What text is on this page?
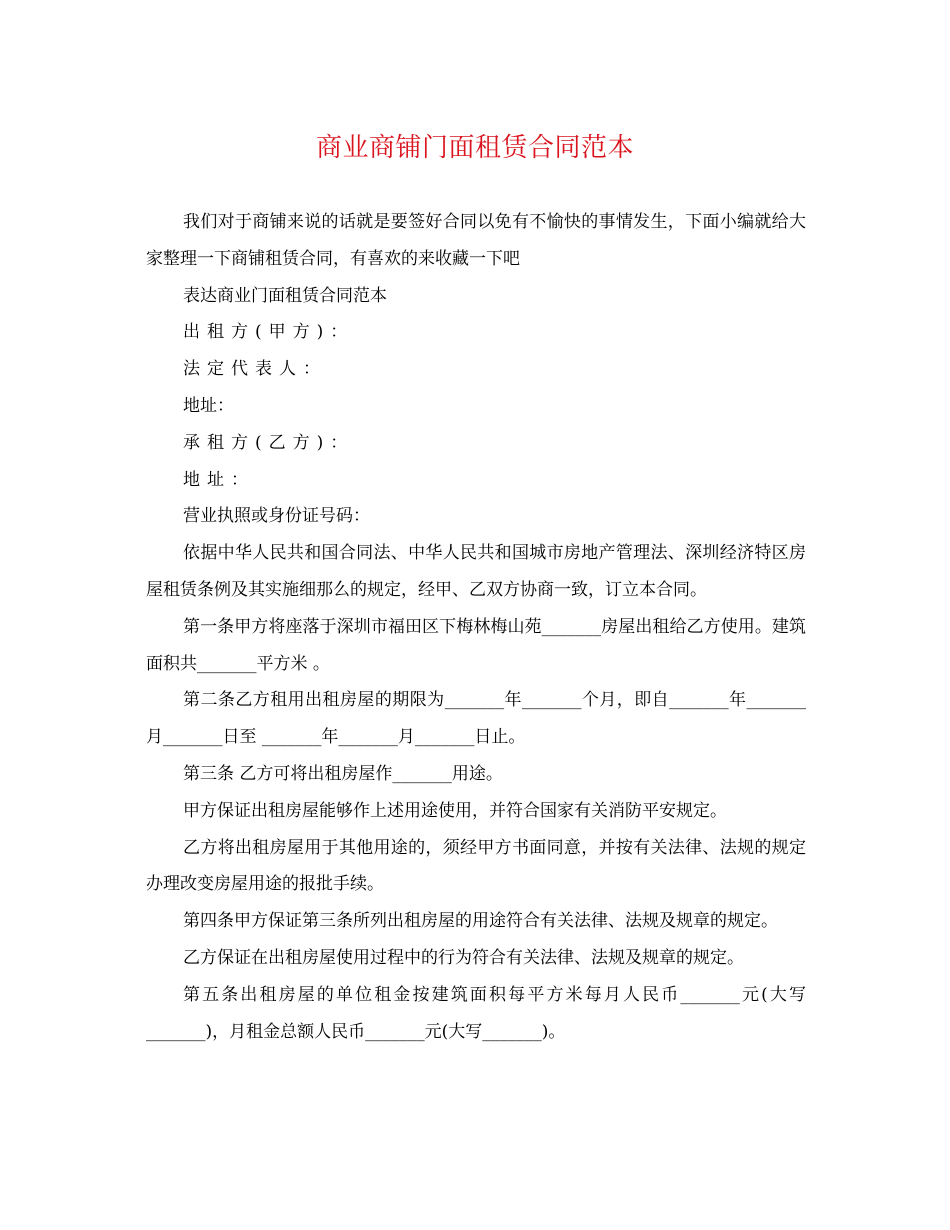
商业商铺门面租赁合同范本

我们对于商铺来说的话就是要签好合同以免有不愉快的事情发生，下面小编就给大家整理一下商铺租赁合同，有喜欢的来收藏一下吧

表达商业门面租赁合同范本

出租方(甲方)：

法定代表人：

地址：

承租方(乙方)：

地址：

营业执照或身份证号码：

依据中华人民共和国合同法、中华人民共和国城市房地产管理法、深圳经济特区房屋租赁条例及其实施细那么的规定，经甲、乙双方协商一致，订立本合同。

第一条甲方将座落于深圳市福田区下梅林梅山苑_______房屋出租给乙方使用。建筑面积共_______平方米 。

第二条乙方租用出租房屋的期限为_______年_______个月，即自_______年_______月_______日至 _______年_______月_______日止。

第三条 乙方可将出租房屋作_______用途。

甲方保证出租房屋能够作上述用途使用，并符合国家有关消防平安规定。

乙方将出租房屋用于其他用途的，须经甲方书面同意，并按有关法律、法规的规定办理改变房屋用途的报批手续。

第四条甲方保证第三条所列出租房屋的用途符合有关法律、法规及规章的规定。

乙方保证在出租房屋使用过程中的行为符合有关法律、法规及规章的规定。

第五条出租房屋的单位租金按建筑面积每平方米每月人民币_______元(大写_______)，月租金总额人民币_______元(大写_______)。
